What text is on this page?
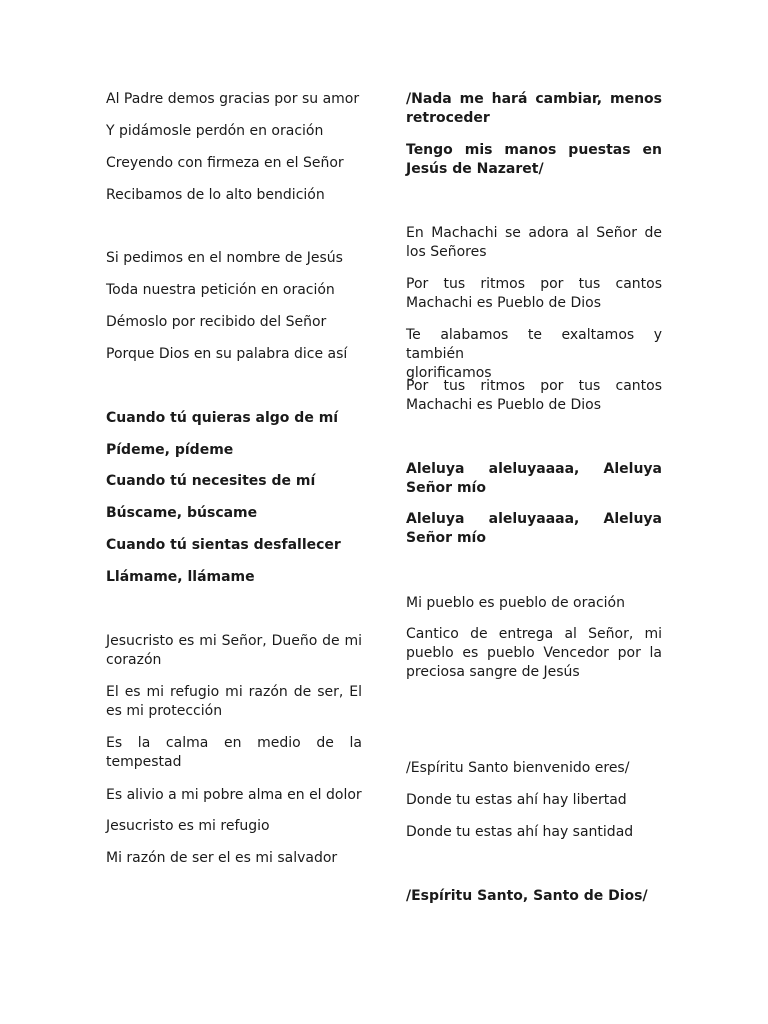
Al Padre demos gracias por su amor
Y pidámosle perdón en oración
Creyendo con firmeza en el Señor
Recibamos de lo alto bendición
Si pedimos en el nombre de Jesús
Toda nuestra petición en oración
Démoslo por recibido del Señor
Porque Dios en su palabra dice así
Cuando tú quieras algo de mí
Pídeme, pídeme
Cuando tú necesites de mí
Búscame, búscame
Cuando tú sientas desfallecer
Llámame, llámame
Jesucristo es mi Señor, Dueño de mi
corazón
El es mi refugio mi razón de ser, El
es mi protección
Es la calma en medio de la
tempestad
Es alivio a mi pobre alma en el dolor
Jesucristo es mi refugio
Mi razón de ser el es mi salvador
/Nada me hará cambiar, menos
retroceder
Tengo mis manos puestas en
Jesús de Nazaret/
En Machachi se adora al Señor de
los Señores
Por tus ritmos por tus cantos
Machachi es Pueblo de Dios
Te alabamos te exaltamos y también
glorificamos
Por tus ritmos por tus cantos
Machachi es Pueblo de Dios
Aleluya aleluyaaaa, Aleluya
Señor mío
Aleluya aleluyaaaa, Aleluya
Señor mío
Mi pueblo es pueblo de oración
Cantico de entrega al Señor, mi
pueblo es pueblo Vencedor por la
preciosa sangre de Jesús
/Espíritu Santo bienvenido eres/
Donde tu estas ahí hay libertad
Donde tu estas ahí hay santidad
/Espíritu Santo, Santo de Dios/
